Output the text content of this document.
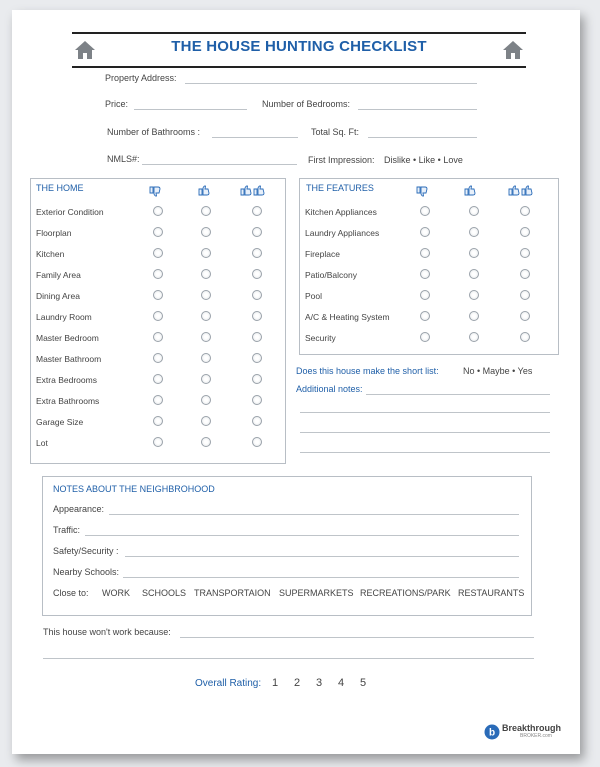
THE HOUSE HUNTING CHECKLIST
Property Address:
Price:	Number of Bedrooms:
Number of Bathrooms :	Total Sq. Ft:
NMLS#:	First Impression: Dislike • Like • Love
THE HOME	THE FEATURES
Does this house make the short list:	No • Maybe • Yes
Additional notes:
NOTES ABOUT THE NEIGHBROHOOD
Appearance:
Traffic:
Safety/Security :
Nearby Schools:
Close to: WORK SCHOOLS TRANSPORTAION SUPERMARKETS RECREATIONS/PARK RESTAURANTS
This house won't work because:
Overall Rating: 1 2 3 4 5
b Breakthrough
BROKER.com
Exterior Condition
Floorplan
Kitchen
Family Area
Dining Area
Laundry Room
Master Bedroom
Master Bathroom
Extra Bedrooms
Extra Bathrooms
Garage Size
Lot
Kitchen Appliances
Laundry Appliances
Fireplace
Patio/Balcony
Pool
A/C & Heating System
Security
